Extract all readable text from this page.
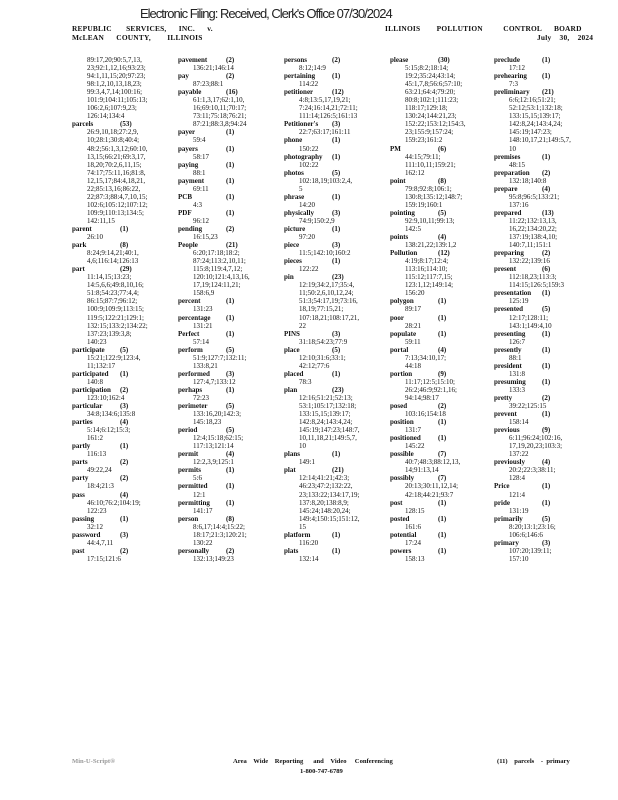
Electronic Filing: Received, Clerk's Office 07/30/2024
REPUBLIC       SERVICES,      INC.      v.
McLEAN      COUNTY,        ILLINOIS
ILLINOIS        POLLUTION          CONTROL      BOARD
July    30,    2024
89:17,20;90:5,7,13,
23;92:1,12,16;93:23;
94:1,11,15;20;97:23;
98:1,2,10,13,18,23;
99:3,4,7,14;100:16;
101:9;104:11;105:13;
106:2,6;107:9,23;
126:14;134:4
parcels	(53)
26:9,10,18;27:2,9,
10;28:1;30:8;40:4;
48:2;56:1,3,12;60:10,
13,15;66:21;69:3,17,
18,20;70:2,6,11,15;
74:17;75:11,16;81:8,
12,15,17;84:4,18,21,
22;85:13,16;86:22,
22;87:3;88:4,7,10,15;
102:6;105:12;107:12;
109:9;110:13;134:5;
142:11,15
parent	(1)
26:10
park	(8)
8:24;9:14,21;40:1,
4,6;116:14;126:13
part	(29)
11:14,15;13:23;
14:5,6,6;49:8,10,16;
51:8;54:23;77:4,4;
86:15;87:7;96:12;
100:9;109:9;113:15;
119:5;122:21;129:1;
132:15;133:2;134:22;
137:23;139:3,8;
140:23
participate (5)
15:21;122:9;123:4,
11;132:17
participated (1)
140:8
participation (2)
123:10;162:4
particular	(3)
34:8;134:6;135:8
parties	(4)
5:14;6:12;15:3;
161:2
partly	(1)
116:13
parts	(2)
49:22,24
party	(2)
18:4;21:3
pass	(4)
46:10;76:2;104:19;
122:23
passing	(1)
32:12
password	(3)
44:4,7,11
past	(2)
17:15;121:6
pavement	(2)
136:21;146:14
pay	(2)
87:23;88:1
payable	(16)
61:1,3,17;62:1,10,
16;69:10,11;70:17;
73:11;75:18;76:21;
87:21;88:3,8;94:24
payer	(1)
59:4
payers	(1)
58:17
paying	(1)
88:1
payment	(1)
69:11
PCB	(1)
4:3
PDF	(1)
96:12
pending	(2)
16:15,23
People	(21)
6:20;17:18;18:2;
87:24;113:2,10,11;
115:8;119:4,7,12;
120:10;121:4,13,16,
17,19;124:11,21;
158:6,9
percent	(1)
131:23
percentage (1)
131:21
Perfect	(1)
57:14
perform	(5)
51:9;127:7;132:11;
133:8,21
performed (3)
127:4,7;133:12
perhaps	(1)
72:23
perimeter	(5)
133:16,20;142:3;
145:18,23
period	(5)
12:4;15:18;62:15;
117:13;121:14
permit	(4)
12:2,3,9;125:1
permits	(1)
5:6
permitted	(1)
12:1
permitting (1)
141:17
person	(8)
8:6,17;14:4;15:22;
18:17;21:3;120:21;
130:22
personally (2)
132:13;149:23
persons	(2)
8:12;14:9
pertaining (1)
114:22
petitioner	(12)
4:8;13:5,17,19,21;
7:24;16:14,21;72:11;
111:14;126:5;161:13
Petitioner's (3)
22:7;63:17;161:11
phone	(1)
150:22
photography (1)
102:22
photos	(5)
102:18,19;103:2,4,
5
phrase	(1)
14:20
physically	(3)
74:9;150:2,9
picture	(1)
97:20
piece	(3)
11:5;142:10;160:2
pieces	(1)
122:22
pin	(23)
12:19;34:2,17;35:4,
11;50:2,6,10,12,24;
51:3;54:17,19;73:16,
18,19;77:15,21;
107:18,21;108:17,21,
22
PINS	(3)
31:18;54:23;77:9
place	(5)
12:10;31:6;33:1;
42:12;77:6
placed	(1)
78:3
plan	(23)
12:16;51:21;52:13;
53:1;105:17;132:18;
133:15,15;139:17;
142:8,24;143:4,24;
145:19;147:23;148:7,
10,11,18,21;149:5,7,
10
plans	(1)
149:1
plat	(21)
12:14;41:21;42:3;
46:23;47:2;132:22,
23;133:22;134:17,19;
137:8,20;138:8,9;
145:24;148:20,24;
149:4;150:15;151:12,
15
platform	(1)
116:20
plats	(1)
132:14
please	(30)
5:15;8:2;18:14;
19:2;35:24;43:14;
45:1,7,8;56:6;57:10;
63:21;64:4;79:20;
80:8;102:1;111:23;
118:17;129:18;
130:24;144:21,23;
152:22;153:12;154:3,
23;155:9;157:24;
159:23;161:2
PM	(6)
44:15;79:11;
111:10,11;159:21;
162:12
point	(8)
79:8;92:8;106:1;
130:8;135:12;148:7;
159:19;160:1
pointing	(5)
92:9,10,11;99:13;
142:5
points	(4)
138:21,22;139:1,2
Pollution	(12)
4:19;8:17;12:4;
113:16;114:10;
115:12;117:7,15;
123:1,12;149:14;
156:20
polygon	(1)
89:17
poor	(1)
28:21
populate	(1)
59:11
portal	(4)
7:13;34:10,17;
44:18
portion	(9)
11:17;12:5;15:10;
26:2;46:9;92:1,16;
94:14;98:17
posed	(2)
103:16;154:18
position	(1)
131:7
positioned (1)
145:22
possible	(7)
40:7;48:3;88:12,13,
14;91:13,14
possibly	(7)
20:13;30:11,12,14;
42:18;44:21;93:7
post	(1)
128:15
posted	(1)
161:6
potential	(1)
17:24
powers	(1)
158:13
preclude	(1)
17:12
prehearing (1)
7:3
preliminary (21)
6:6;12:16;51:21;
52:12;53:1;132:18;
133:15,15;139:17;
142:8,24;143:4,24;
145:19;147:23;
148:10,17,21;149:5,7,
10
premises	(1)
48:15
preparation (2)
132:18;140:8
prepare	(4)
95:8;96:5;133:21;
137:16
prepared	(13)
11:22;132:13,13,
16,22;134:20,22;
137:19;138:4,10;
140:7,11;151:1
preparing	(2)
132:22;139:16
present	(6)
112:18,23;113:3;
114:15;126:5;159:3
presentation (1)
125:19
presented	(5)
12:17;128:11;
143:1;149:4,10
presenting (1)
126:7
presently	(1)
88:1
president	(1)
131:8
presuming (1)
133:3
pretty	(2)
39:22;125:15
prevent	(1)
158:14
previous	(9)
6:11;96:24;102:16,
17,19,20,23;103:3;
137:22
previously (4)
20:2;22:3;38:11;
128:4
Price	(1)
121:4
pride	(1)
131:19
primarily	(5)
8:20;13:1;23:16;
106:6;146:6
primary	(3)
107:20;139:11;
157:10
Min-U-Script®	Area    Wide    Reporting      and    Video     Conferencing
1-800-747-6789
(11)    parcels    -  primary
